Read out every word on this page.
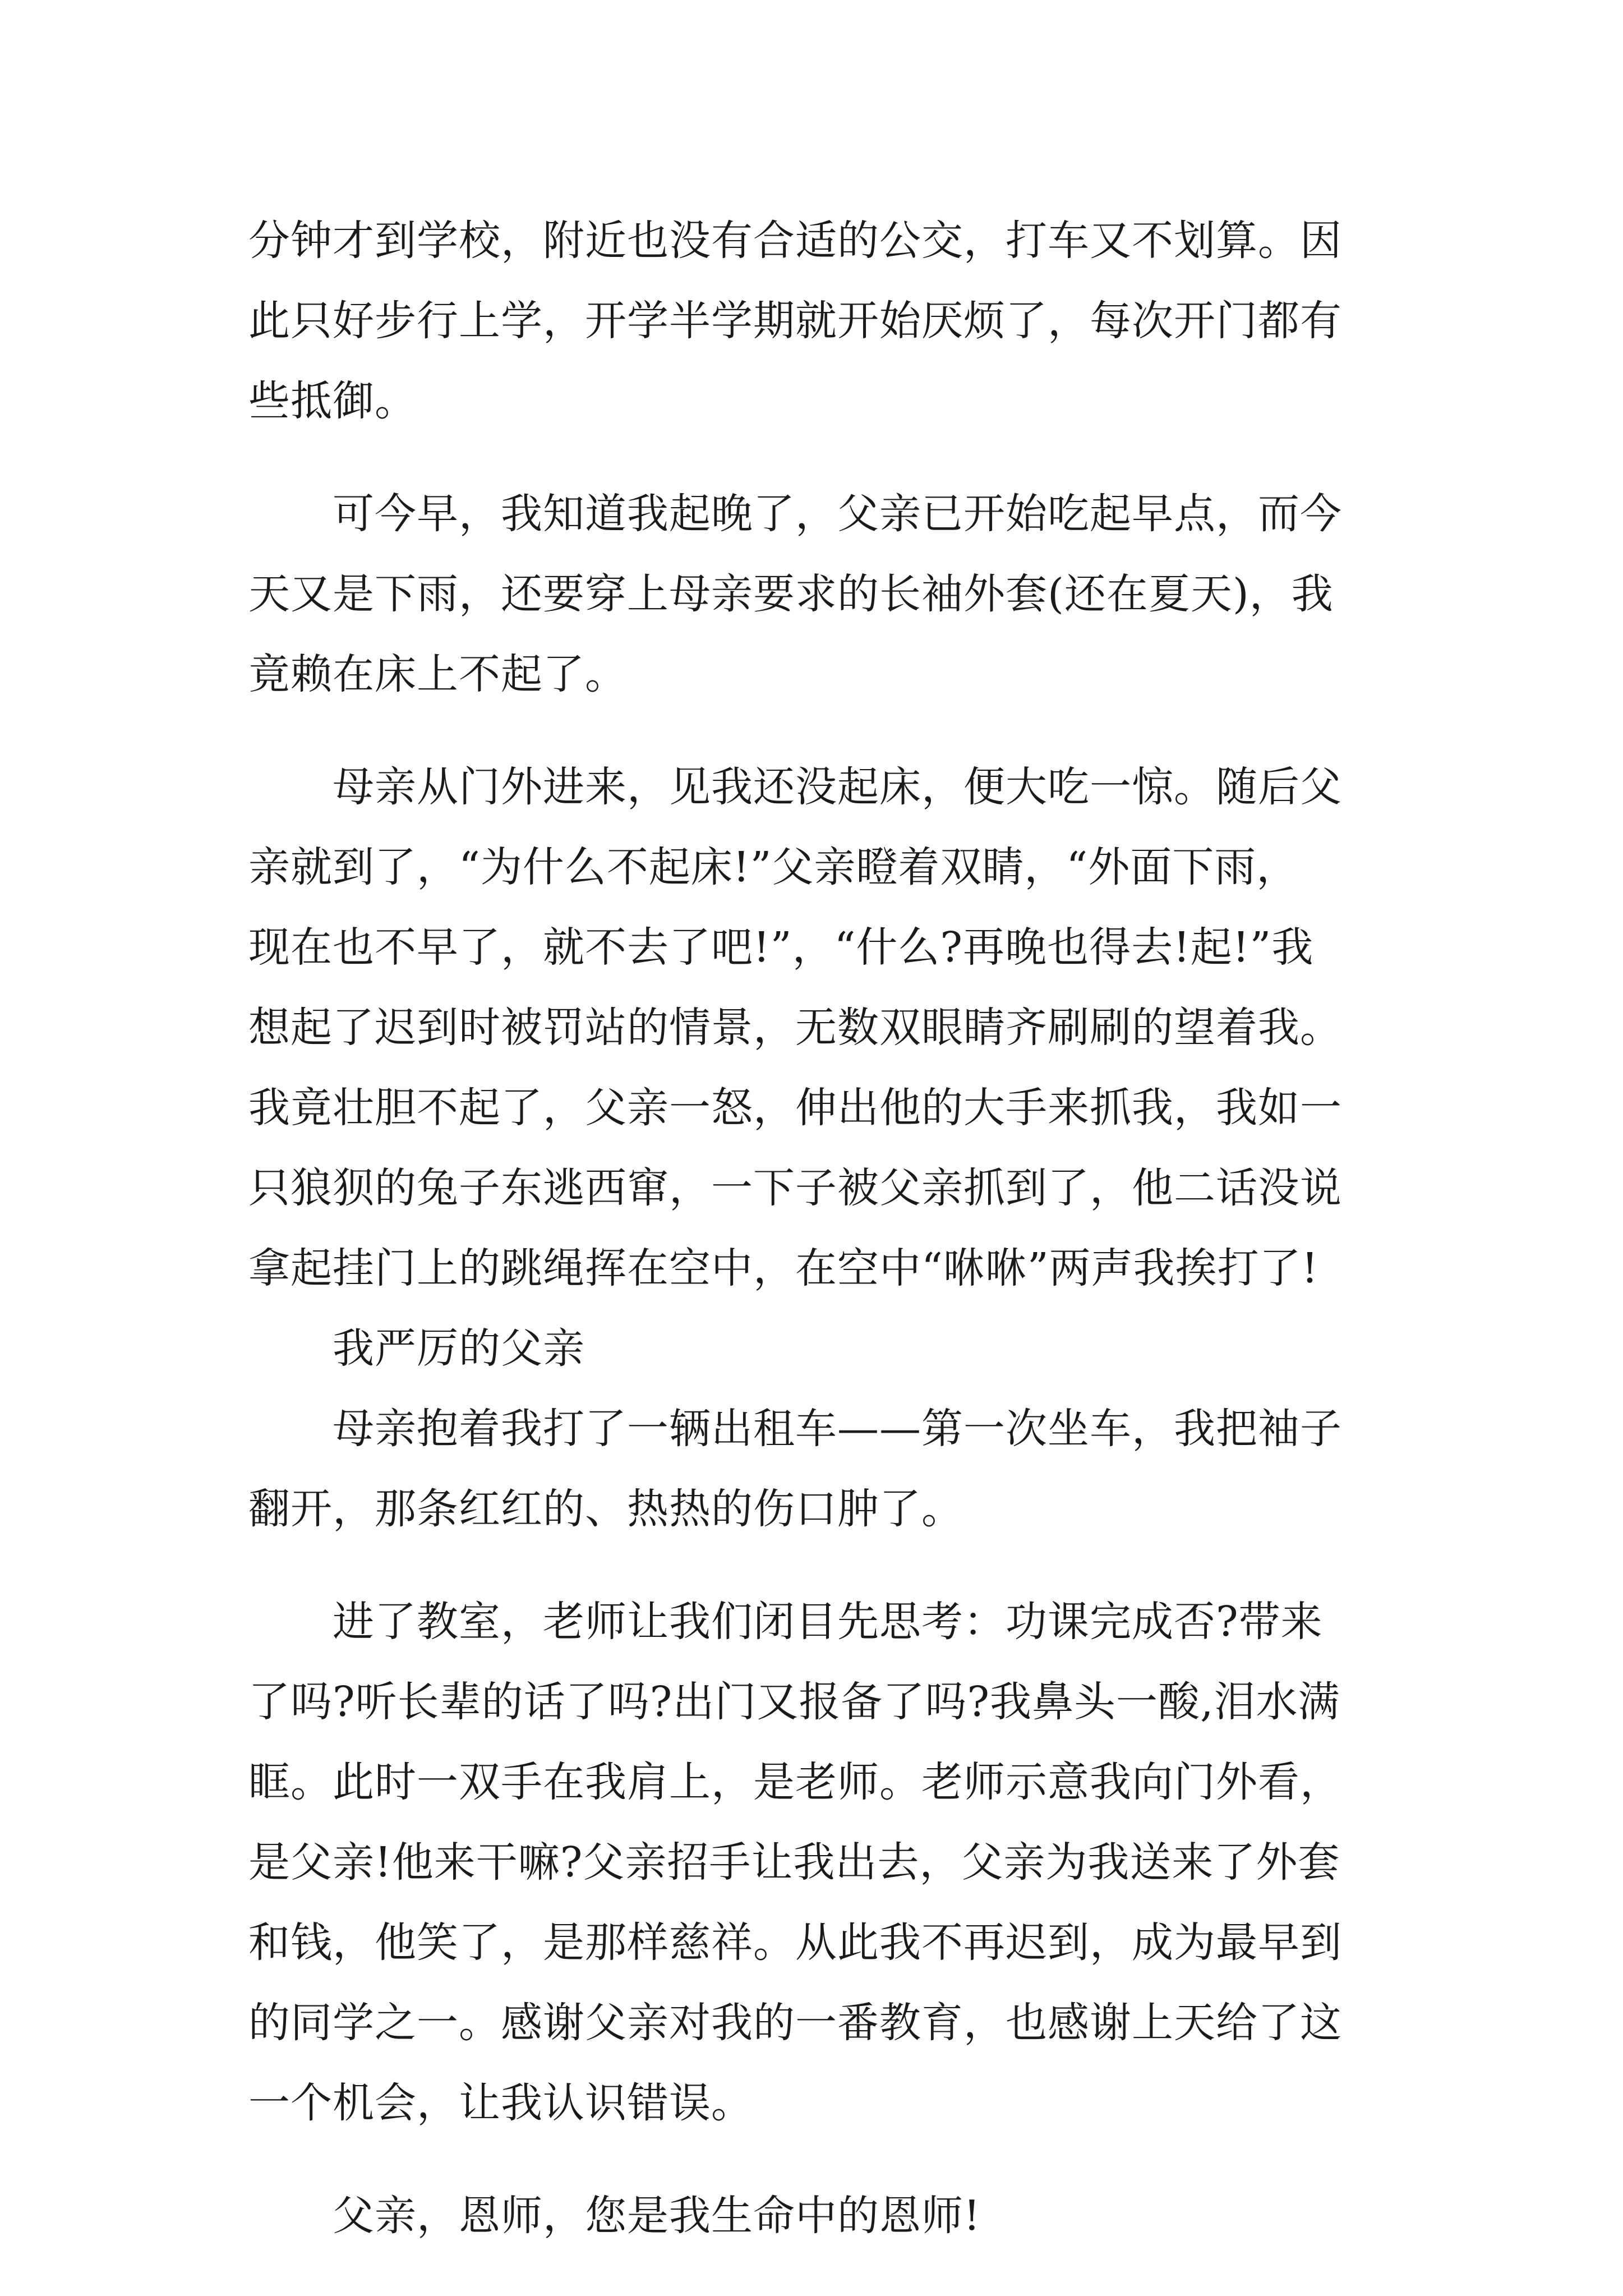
分钟才到学校，附近也没有合适的公交，打车又不划算。因
此只好步行上学，开学半学期就开始厌烦了，每次开门都有
些抵御。
可今早，我知道我起晚了，父亲已开始吃起早点，而今
天又是下雨，还要穿上母亲要求的长袖外套(还在夏天)，我
竟赖在床上不起了。
母亲从门外进来，见我还没起床，便大吃一惊。随后父
亲就到了，“为什么不起床!”父亲瞪着双睛，“外面下雨，
现在也不早了，就不去了吧!”，“什么?再晚也得去!起!”我
想起了迟到时被罚站的情景，无数双眼睛齐刷刷的望着我。
我竟壮胆不起了，父亲一怒，伸出他的大手来抓我，我如一
只狼狈的兔子东逃西窜，一下子被父亲抓到了，他二话没说
拿起挂门上的跳绳挥在空中，在空中“咻咻”两声我挨打了!
我严厉的父亲
母亲抱着我打了一辆出租车——第一次坐车，我把袖子
翻开，那条红红的、热热的伤口肿了。
进了教室，老师让我们闭目先思考：功课完成否?带来
了吗?听长辈的话了吗?出门又报备了吗?我鼻头一酸,泪水满
眶。此时一双手在我肩上，是老师。老师示意我向门外看，
是父亲!他来干嘛?父亲招手让我出去，父亲为我送来了外套
和钱，他笑了，是那样慈祥。从此我不再迟到，成为最早到
的同学之一。感谢父亲对我的一番教育，也感谢上天给了这
一个机会，让我认识错误。
父亲，恩师，您是我生命中的恩师!
